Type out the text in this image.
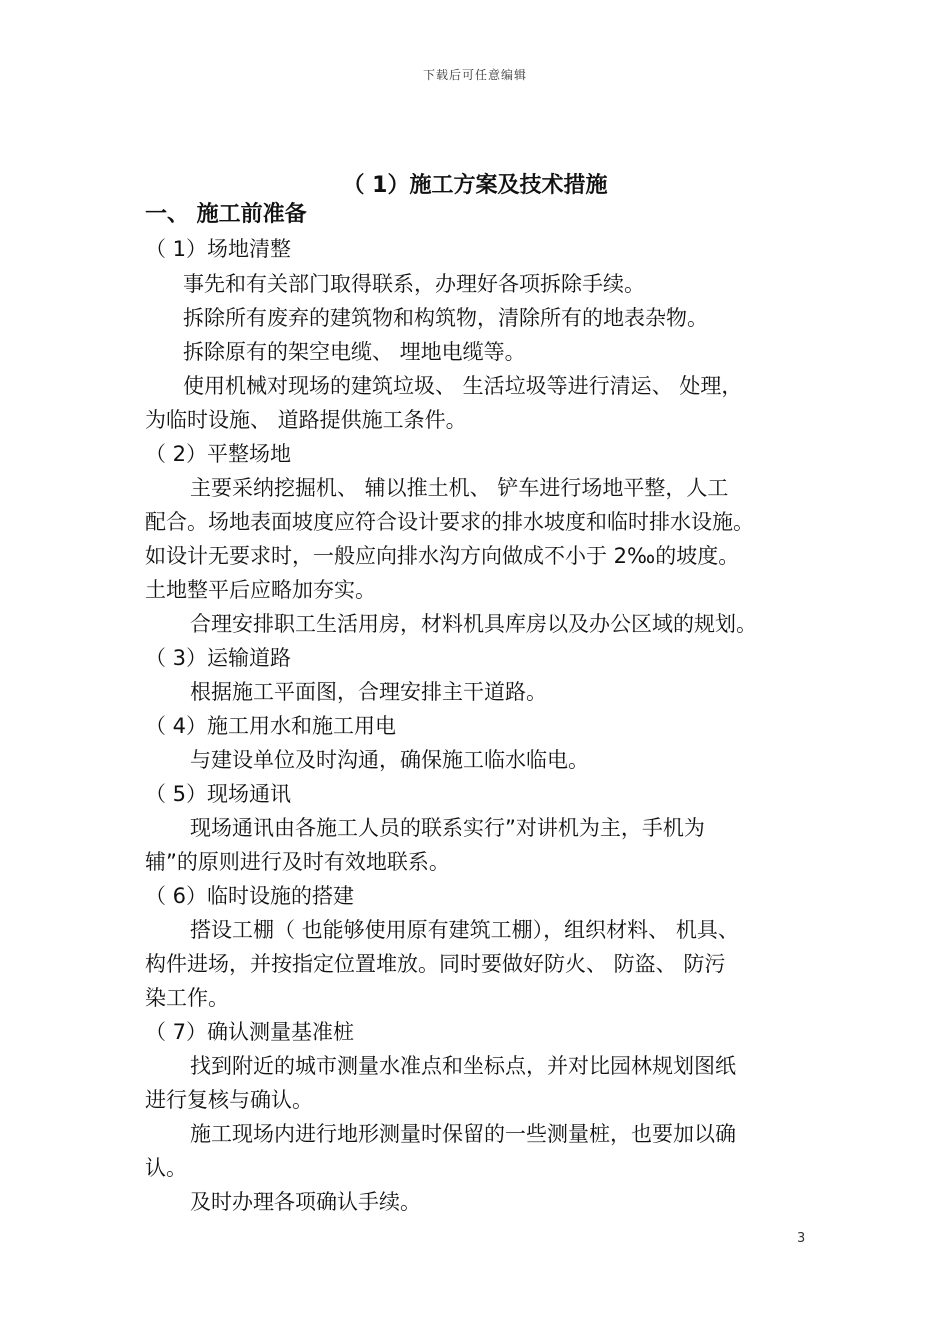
下载后可任意编辑
（ 1）施工方案及技术措施
一、 施工前准备
（ 1）场地清整
事先和有关部门取得联系，办理好各项拆除手续。
拆除所有废弃的建筑物和构筑物，清除所有的地表杂物。
拆除原有的架空电缆、 埋地电缆等。
使用机械对现场的建筑垃圾、 生活垃圾等进行清运、 处理，
为临时设施、 道路提供施工条件。
（ 2）平整场地
主要采纳挖掘机、 辅以推土机、 铲车进行场地平整，人工
配合。场地表面坡度应符合设计要求的排水坡度和临时排水设施。
如设计无要求时，一般应向排水沟方向做成不小于 2‰的坡度。
土地整平后应略加夯实。
合理安排职工生活用房，材料机具库房以及办公区域的规划。
（ 3）运输道路
根据施工平面图，合理安排主干道路。
（ 4）施工用水和施工用电
与建设单位及时沟通，确保施工临水临电。
（ 5）现场通讯
现场通讯由各施工人员的联系实行”对讲机为主，手机为
辅”的原则进行及时有效地联系。
（ 6）临时设施的搭建
搭设工棚（ 也能够使用原有建筑工棚），组织材料、 机具、
构件进场，并按指定位置堆放。同时要做好防火、 防盗、 防污
染工作。
（ 7）确认测量基准桩
找到附近的城市测量水准点和坐标点，并对比园林规划图纸
进行复核与确认。
施工现场内进行地形测量时保留的一些测量桩，也要加以确
认。
及时办理各项确认手续。
3
